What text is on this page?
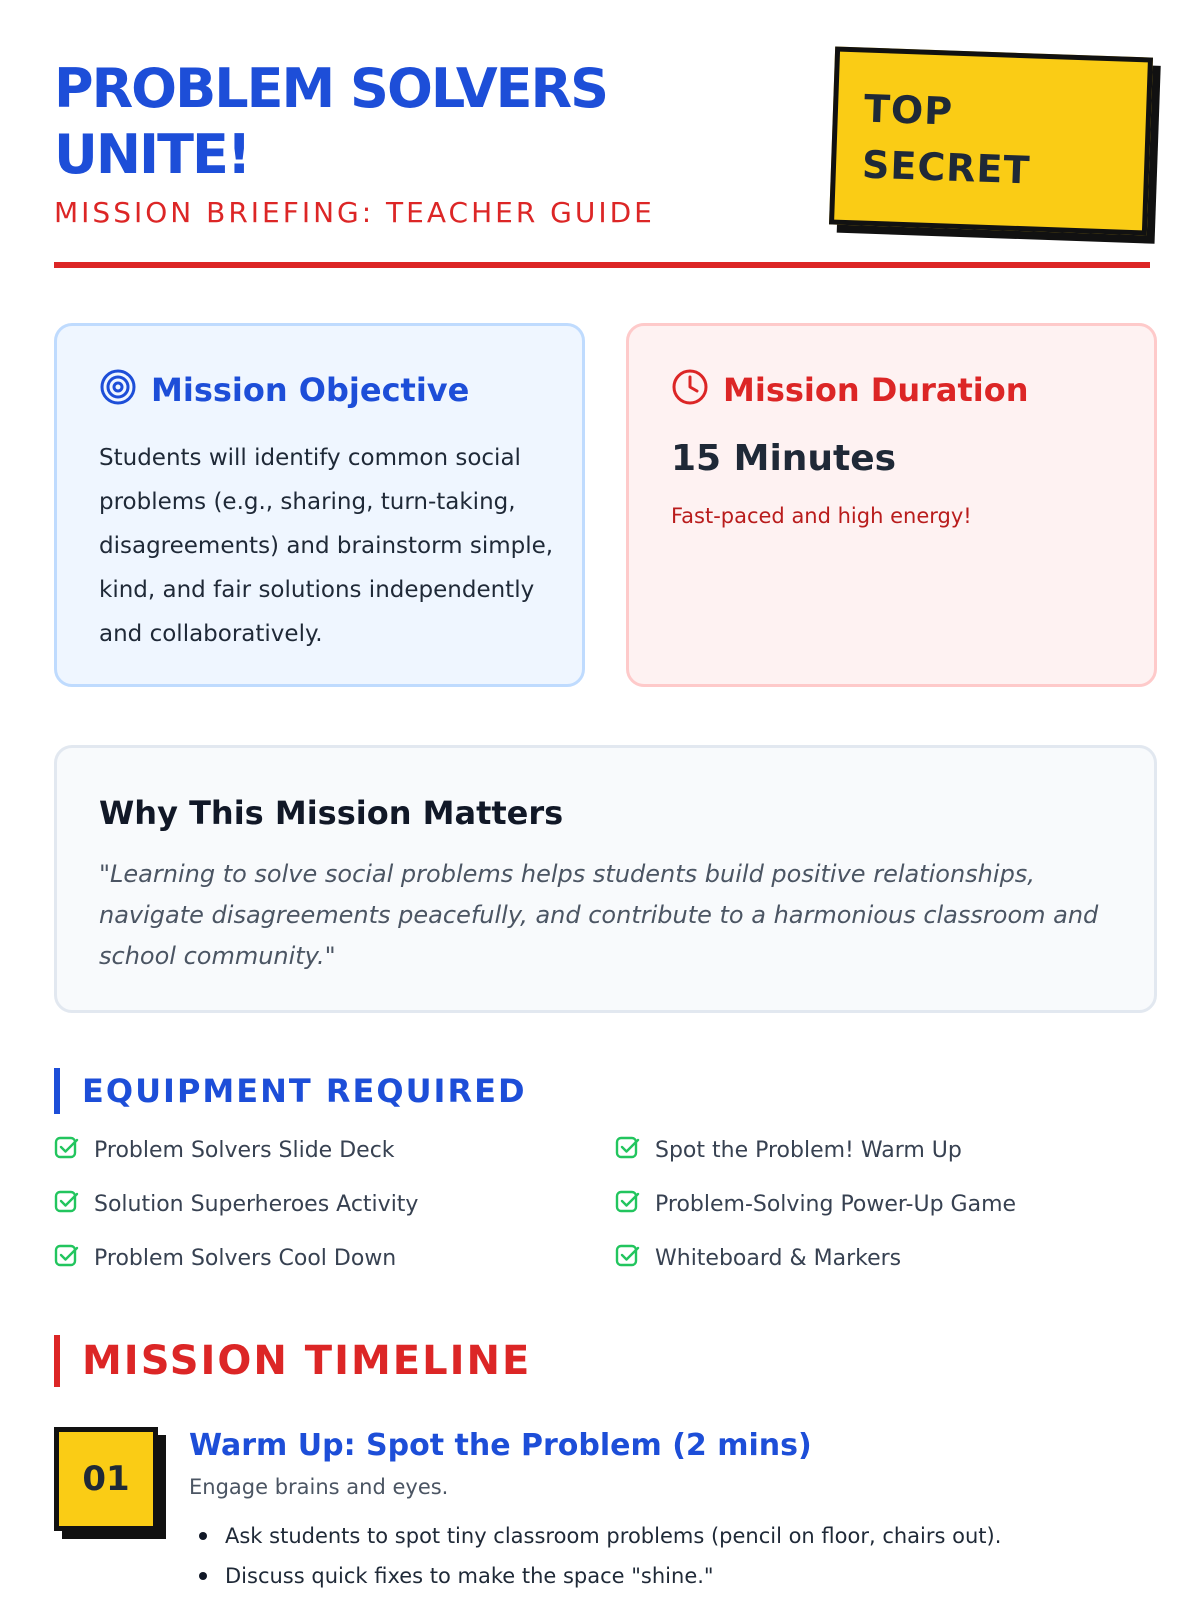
PROBLEM SOLVERS UNITE!
MISSION BRIEFING: TEACHER GUIDE
TOP
SECRET
Mission Objective
Students will identify common social problems (e.g., sharing, turn-taking, disagreements) and brainstorm simple, kind, and fair solutions independently and collaboratively.
Mission Duration
15 Minutes
Fast-paced and high energy!
Why This Mission Matters
"Learning to solve social problems helps students build positive relationships, navigate disagreements peacefully, and contribute to a harmonious classroom and school community."
EQUIPMENT REQUIRED
Problem Solvers Slide Deck	Spot the Problem! Warm Up
Solution Superheroes Activity	Problem-Solving Power-Up Game
Problem Solvers Cool Down	Whiteboard & Markers
MISSION TIMELINE
01
Warm Up: Spot the Problem (2 mins)
Engage brains and eyes.
Ask students to spot tiny classroom problems (pencil on floor, chairs out).
Discuss quick fixes to make the space "shine."
